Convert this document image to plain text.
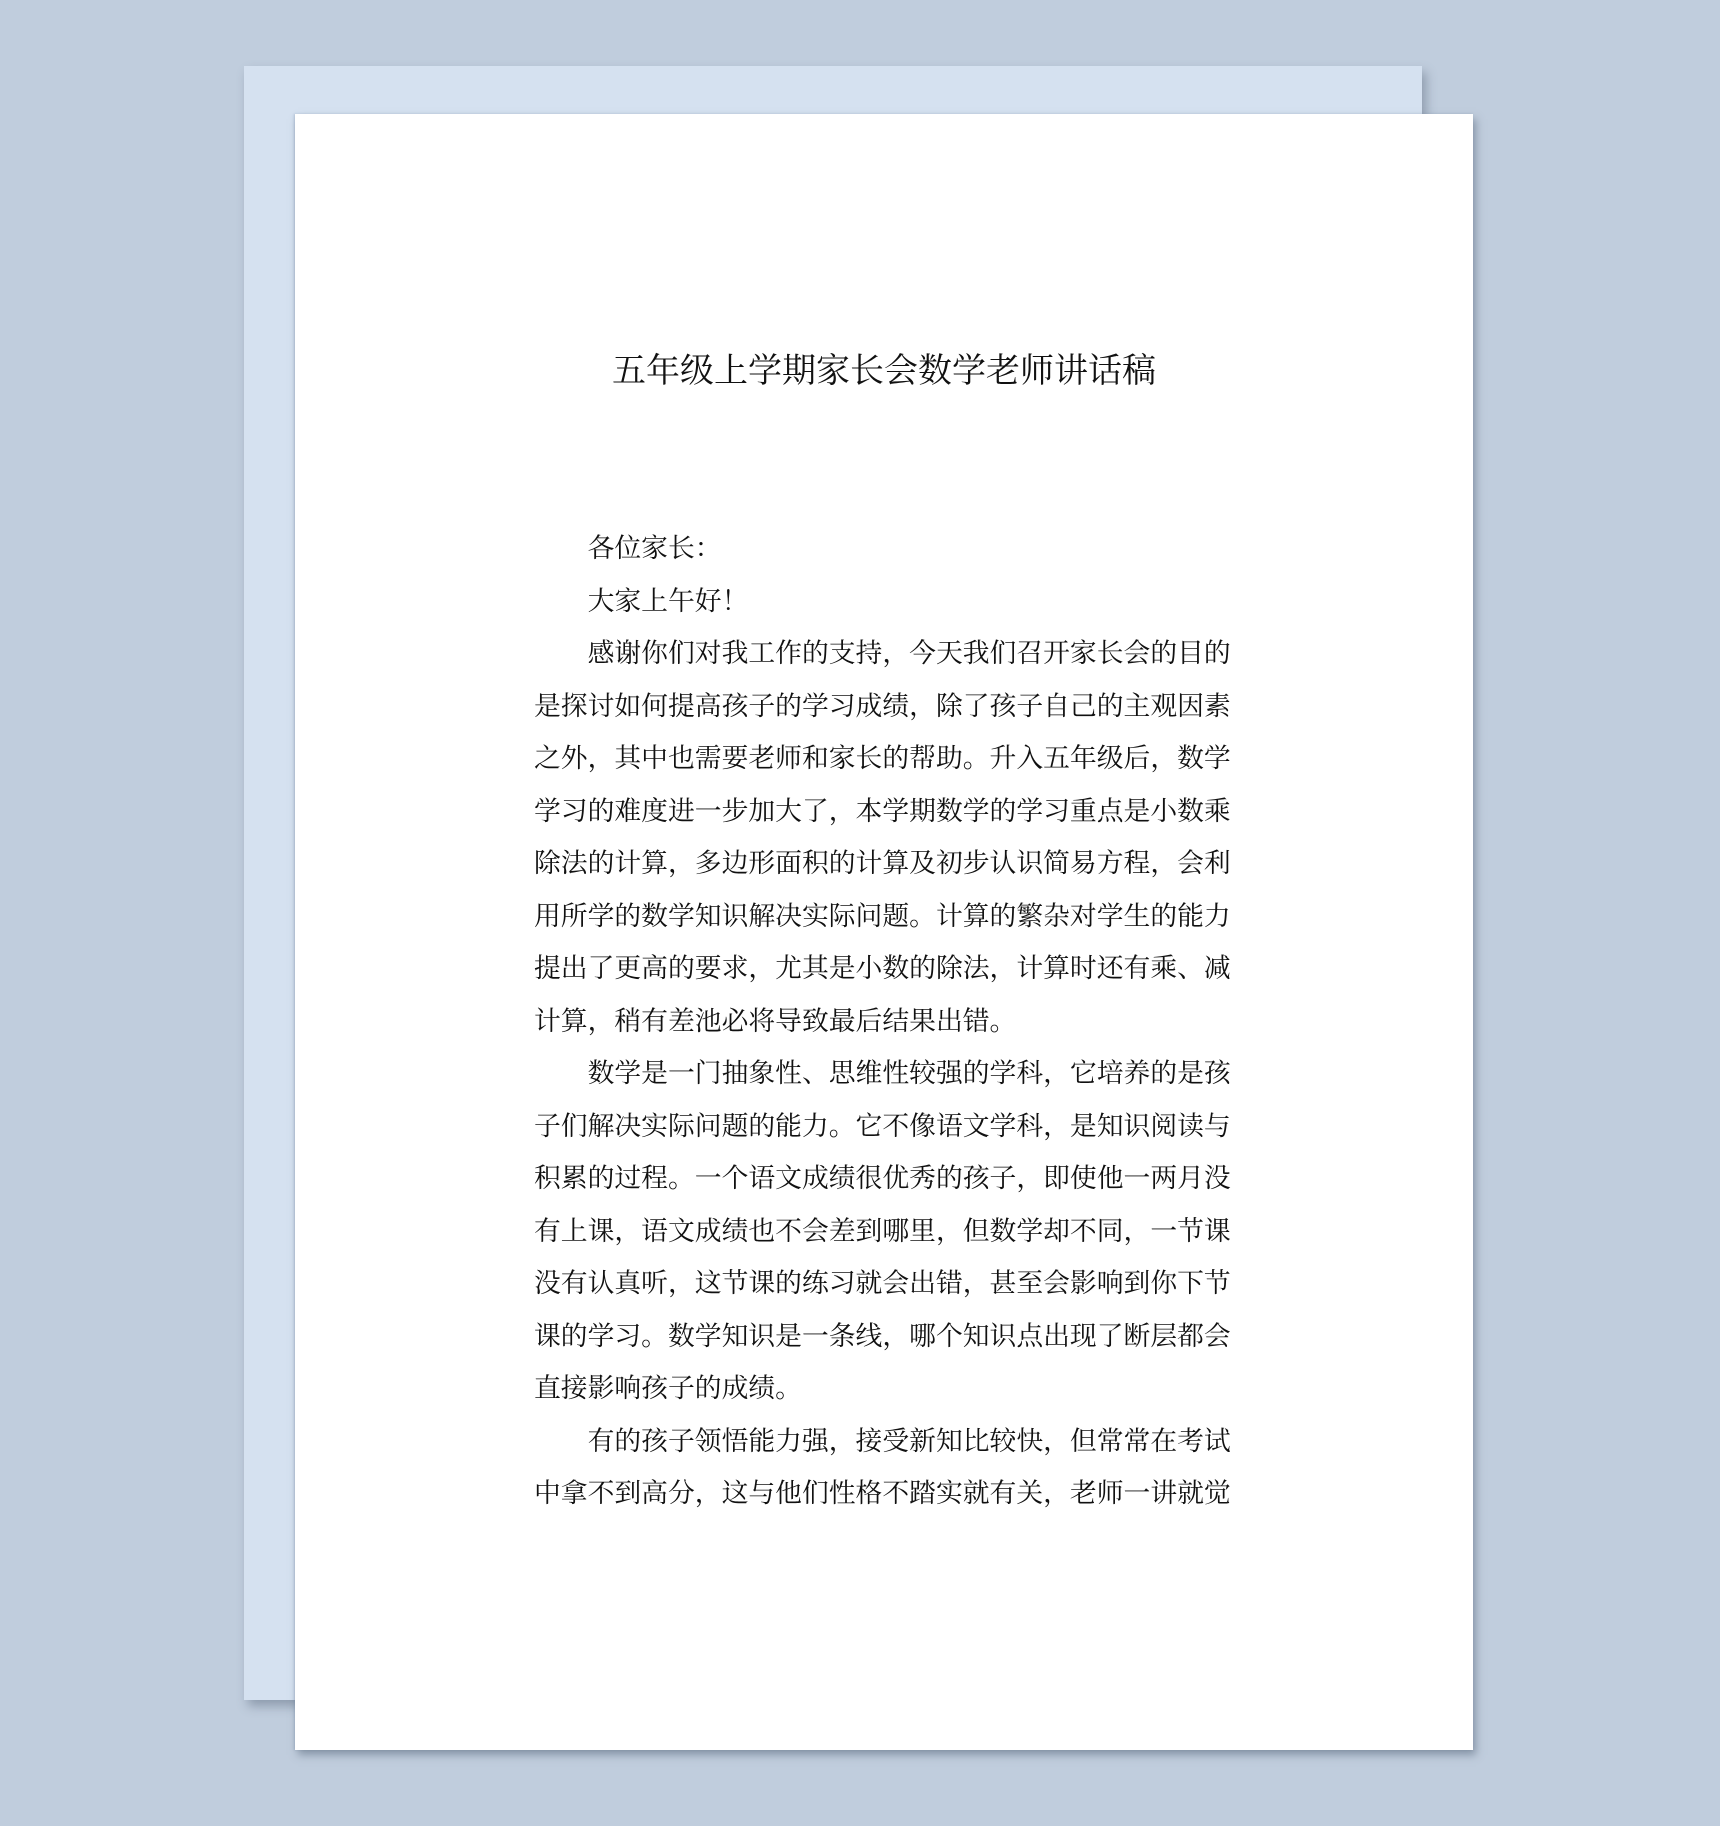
五年级上学期家长会数学老师讲话稿

各位家长：

大家上午好！

感谢你们对我工作的支持，今天我们召开家长会的目的

是探讨如何提高孩子的学习成绩，除了孩子自己的主观因素

之外，其中也需要老师和家长的帮助。升入五年级后，数学

学习的难度进一步加大了，本学期数学的学习重点是小数乘

除法的计算，多边形面积的计算及初步认识简易方程，会利

用所学的数学知识解决实际问题。计算的繁杂对学生的能力

提出了更高的要求，尤其是小数的除法，计算时还有乘、减

计算，稍有差池必将导致最后结果出错。

数学是一门抽象性、思维性较强的学科，它培养的是孩

子们解决实际问题的能力。它不像语文学科，是知识阅读与

积累的过程。一个语文成绩很优秀的孩子，即使他一两月没

有上课，语文成绩也不会差到哪里，但数学却不同，一节课

没有认真听，这节课的练习就会出错，甚至会影响到你下节

课的学习。数学知识是一条线，哪个知识点出现了断层都会

直接影响孩子的成绩。

有的孩子领悟能力强，接受新知比较快，但常常在考试

中拿不到高分，这与他们性格不踏实就有关，老师一讲就觉
